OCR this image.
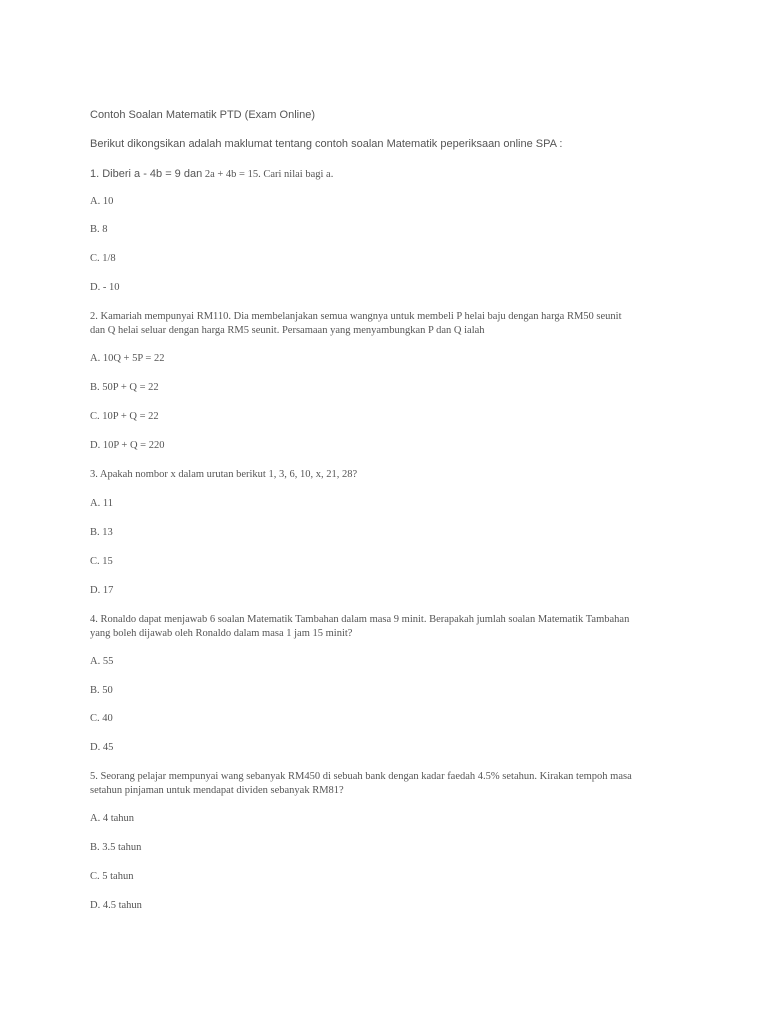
Contoh Soalan Matematik PTD (Exam Online)
Berikut dikongsikan adalah maklumat tentang contoh soalan Matematik peperiksaan online SPA :
1. Diberi a - 4b = 9 dan 2a + 4b = 15. Cari nilai bagi a.
A. 10
B. 8
C. 1/8
D. - 10
2. Kamariah mempunyai RM110. Dia membelanjakan semua wangnya untuk membeli P helai baju dengan harga RM50 seunit
dan Q helai seluar dengan harga RM5 seunit. Persamaan yang menyambungkan P dan Q ialah
A. 10Q + 5P = 22
B. 50P + Q = 22
C. 10P + Q = 22
D. 10P + Q = 220
3. Apakah nombor x dalam urutan berikut 1, 3, 6, 10, x, 21, 28?
A. 11
B. 13
C. 15
D. 17
4. Ronaldo dapat menjawab 6 soalan Matematik Tambahan dalam masa 9 minit. Berapakah jumlah soalan Matematik Tambahan
yang boleh dijawab oleh Ronaldo dalam masa 1 jam 15 minit?
A. 55
B. 50
C. 40
D. 45
5. Seorang pelajar mempunyai wang sebanyak RM450 di sebuah bank dengan kadar faedah 4.5% setahun. Kirakan tempoh masa
setahun pinjaman untuk mendapat dividen sebanyak RM81?
A. 4 tahun
B. 3.5 tahun
C. 5 tahun
D. 4.5 tahun
